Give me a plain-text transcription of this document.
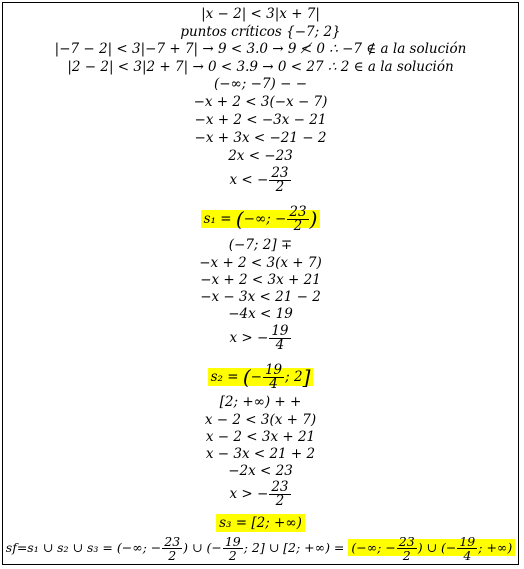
|x − 2| < 3|x + 7|
puntos críticos {−7; 2}
|−7 − 2| < 3|−7 + 7| → 9 < 3.0 → 9 ≮ 0 ∴ −7 ∉ a la solución
|2 − 2| < 3|2 + 7| → 0 < 3.9 → 0 < 27 ∴ 2 ∈ a la solución
(−∞; −7) − −
−x + 2 < 3(−x − 7)
−x + 2 < −3x − 21
−x + 3x < −21 − 2
2x < −23
x < − $\frac{23}{2}$
s₁ = (−∞; − $\frac{23}{2}$ )
(−7; 2] ∓
−x + 2 < 3(x + 7)
−x + 2 < 3x + 21
−x − 3x < 21 − 2
−4x < 19
x > − $\frac{19}{4}$
s₂ = (− $\frac{19}{4}$ ; 2]
[2; +∞) + +
x − 2 < 3(x + 7)
x − 2 < 3x + 21
x − 3x < 21 + 2
−2x < 23
x > − $\frac{23}{2}$
s₃ = [2; +∞)
s𝑓=s₁ ∪ s₂ ∪ s₃ = (−∞; − $\frac{23}{2}$ ) ∪ (− $\frac{19}{2}$ ; 2] ∪ [2; +∞) = (−∞; − $\frac{23}{2}$ ) ∪ (− $\frac{19}{4}$ ; +∞)
